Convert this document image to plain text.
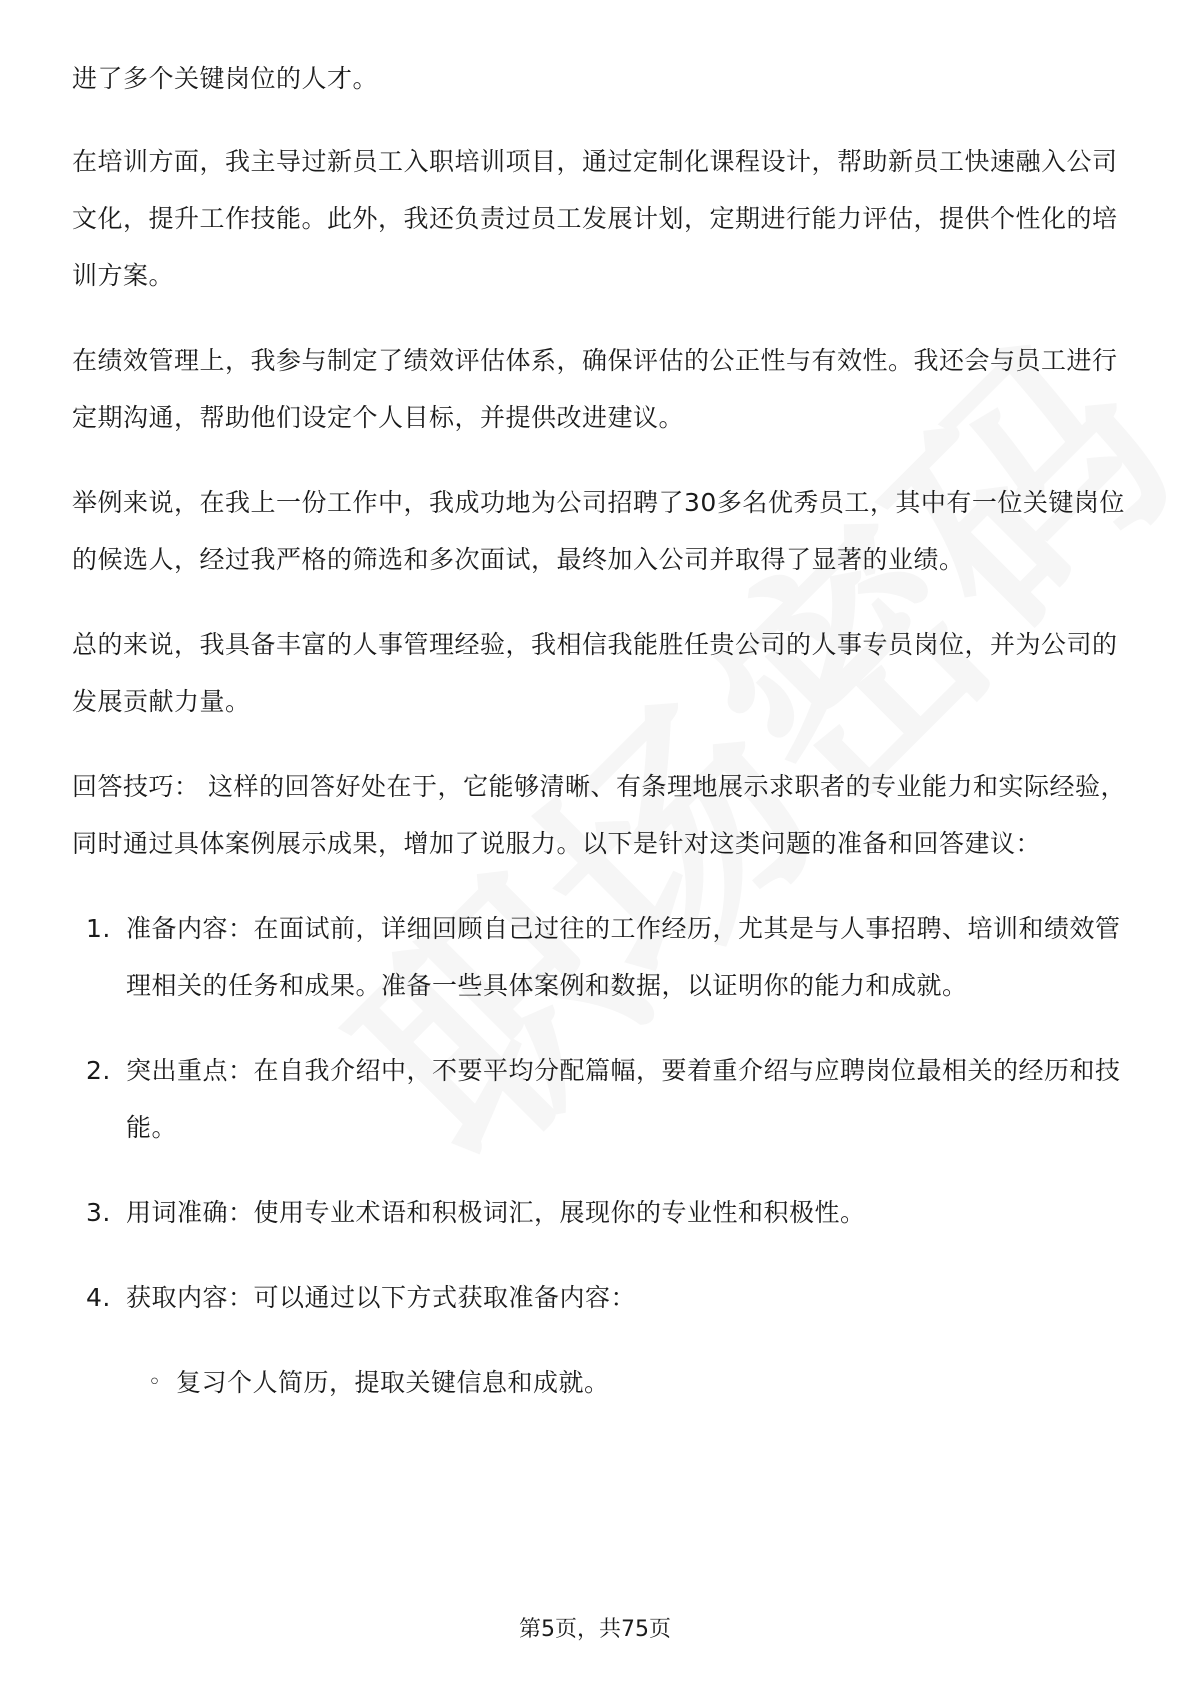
进了多个关键岗位的人才。

在培训方面，我主导过新员工入职培训项目，通过定制化课程设计，帮助新员工快速融入公司文化，提升工作技能。此外，我还负责过员工发展计划，定期进行能力评估，提供个性化的培训方案。

在绩效管理上，我参与制定了绩效评估体系，确保评估的公正性与有效性。我还会与员工进行定期沟通，帮助他们设定个人目标，并提供改进建议。

举例来说，在我上一份工作中，我成功地为公司招聘了30多名优秀员工，其中有一位关键岗位的候选人，经过我严格的筛选和多次面试，最终加入公司并取得了显著的业绩。

总的来说，我具备丰富的人事管理经验，我相信我能胜任贵公司的人事专员岗位，并为公司的发展贡献力量。

回答技巧： 这样的回答好处在于，它能够清晰、有条理地展示求职者的专业能力和实际经验，同时通过具体案例展示成果，增加了说服力。以下是针对这类问题的准备和回答建议：

1. 准备内容：在面试前，详细回顾自己过往的工作经历，尤其是与人事招聘、培训和绩效管理相关的任务和成果。准备一些具体案例和数据，以证明你的能力和成就。
2. 突出重点：在自我介绍中，不要平均分配篇幅，要着重介绍与应聘岗位最相关的经历和技能。
3. 用词准确：使用专业术语和积极词汇，展现你的专业性和积极性。
4. 获取内容：可以通过以下方式获取准备内容：
◦ 复习个人简历，提取关键信息和成就。
第5页，共75页
